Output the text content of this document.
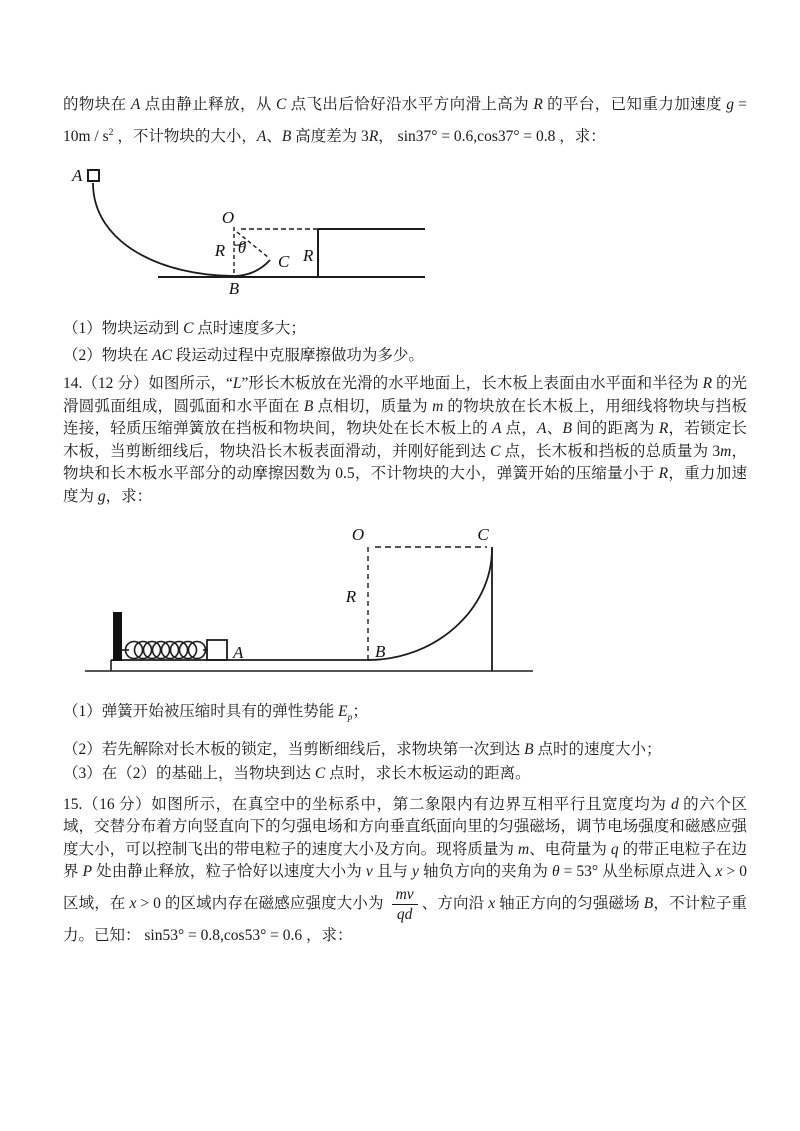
的物块在 A 点由静止释放，从 C 点飞出后恰好沿水平方向滑上高为 R 的平台，已知重力加速度 $g = 10m / s^2$ ，不计物块的大小，A、B 高度差为 3R， sin37° = 0.6,cos37° = 0.8 ，求：

A
O
R θ
C R
B

（1）物块运动到 C 点时速度多大；

（2）物块在 AC 段运动过程中克服摩擦做功为多少。

14.（12 分）如图所示，“L”形长木板放在光滑的水平地面上，长木板上表面由水平面和半径为 R 的光滑圆弧面组成，圆弧面和水平面在 B 点相切，质量为 m 的物块放在长木板上，用细线将物块与挡板连接，轻质压缩弹簧放在挡板和物块间，物块处在长木板上的 A 点，A、B 间的距离为 R，若锁定长木板，当剪断细线后，物块沿长木板表面滑动，并刚好能到达 C 点，长木板和挡板的总质量为 3m，物块和长木板水平部分的动摩擦因数为 0.5，不计物块的大小，弹簧开始的压缩量小于 R，重力加速度为 g，求：

A
O	C
R
B

（1）弹簧开始被压缩时具有的弹性势能 $E_p$；

（2）若先解除对长木板的锁定，当剪断细线后，求物块第一次到达 B 点时的速度大小；

（3）在（2）的基础上，当物块到达 C 点时，求长木板运动的距离。

15.（16 分）如图所示，在真空中的坐标系中，第二象限内有边界互相平行且宽度均为 d 的六个区域，交替分布着方向竖直向下的匀强电场和方向垂直纸面向里的匀强磁场，调节电场强度和磁感应强度大小，可以控制飞出的带电粒子的速度大小及方向。现将质量为 m、电荷量为 q 的带正电粒子在边界 P 处由静止释放，粒子恰好以速度大小为 v 且与 y 轴负方向的夹角为 θ = 53° 从坐标原点进入 x > 0 区域，在 x > 0 的区域内存在磁感应强度大小为 $\frac{mv}{qd}$ 、方向沿 x 轴正方向的匀强磁场 B，不计粒子重力。已知： sin53° = 0.8,cos53° = 0.6 ，求：
